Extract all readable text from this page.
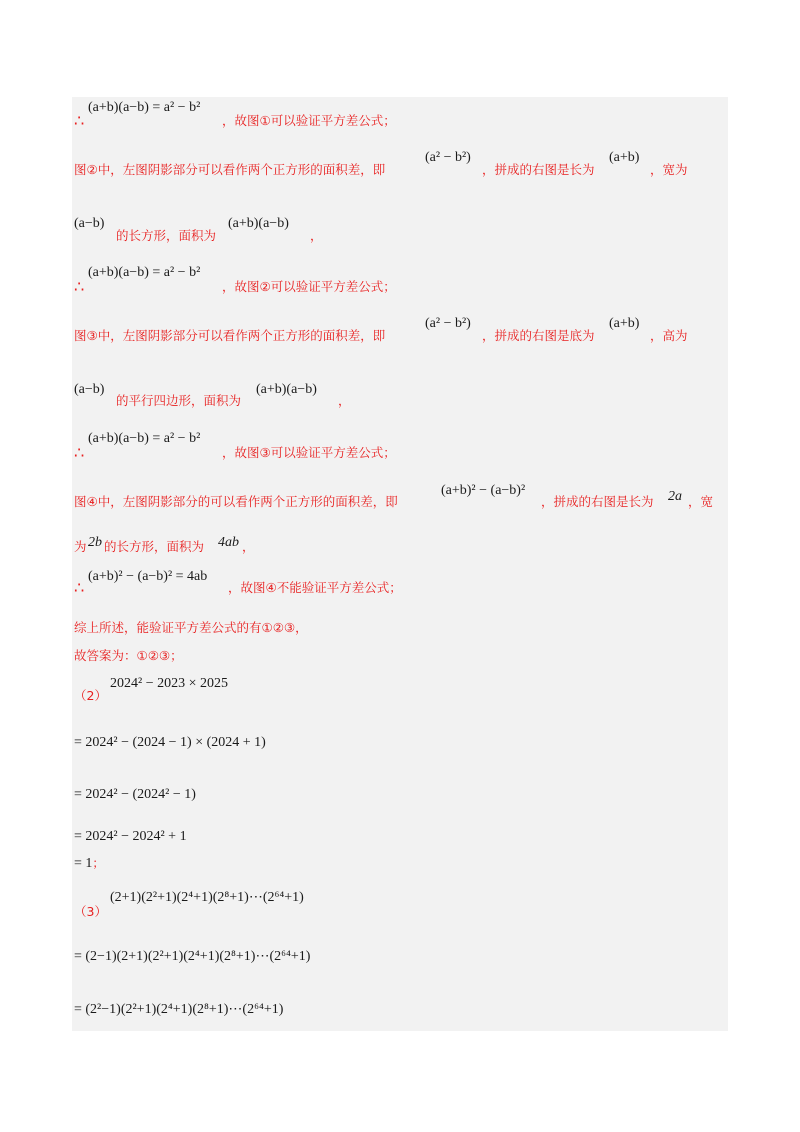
∴
(a+b)(a−b) = a² − b²
，故图①可以验证平方差公式；
图②中，左图阴影部分可以看作两个正方形的面积差，即
(a² − b²)
，拼成的右图是长为
(a+b)
，宽为
(a−b)
的长方形，面积为
(a+b)(a−b)
，
∴
(a+b)(a−b) = a² − b²
，故图②可以验证平方差公式；
图③中，左图阴影部分可以看作两个正方形的面积差，即
(a² − b²)
，拼成的右图是底为
(a+b)
，高为
(a−b)
的平行四边形，面积为
(a+b)(a−b)
，
∴
(a+b)(a−b) = a² − b²
，故图③可以验证平方差公式；
图④中，左图阴影部分的可以看作两个正方形的面积差，即
(a+b)² − (a−b)²
，拼成的右图是长为 2a ，宽
为 2b 的长方形，面积为 4ab ，
∴
(a+b)² − (a−b)² = 4ab
，故图④不能验证平方差公式；
综上所述，能验证平方差公式的有①②③，
故答案为：①②③；
（2）
2024² − 2023 × 2025
= 2024² − (2024 − 1) × (2024 + 1)
= 2024² − (2024² − 1)
= 2024² − 2024² + 1
= 1；
（3）
(2+1)(2²+1)(2⁴+1)(2⁸+1)⋯(2⁶⁴+1)
= (2−1)(2+1)(2²+1)(2⁴+1)(2⁸+1)⋯(2⁶⁴+1)
= (2²−1)(2²+1)(2⁴+1)(2⁸+1)⋯(2⁶⁴+1)
